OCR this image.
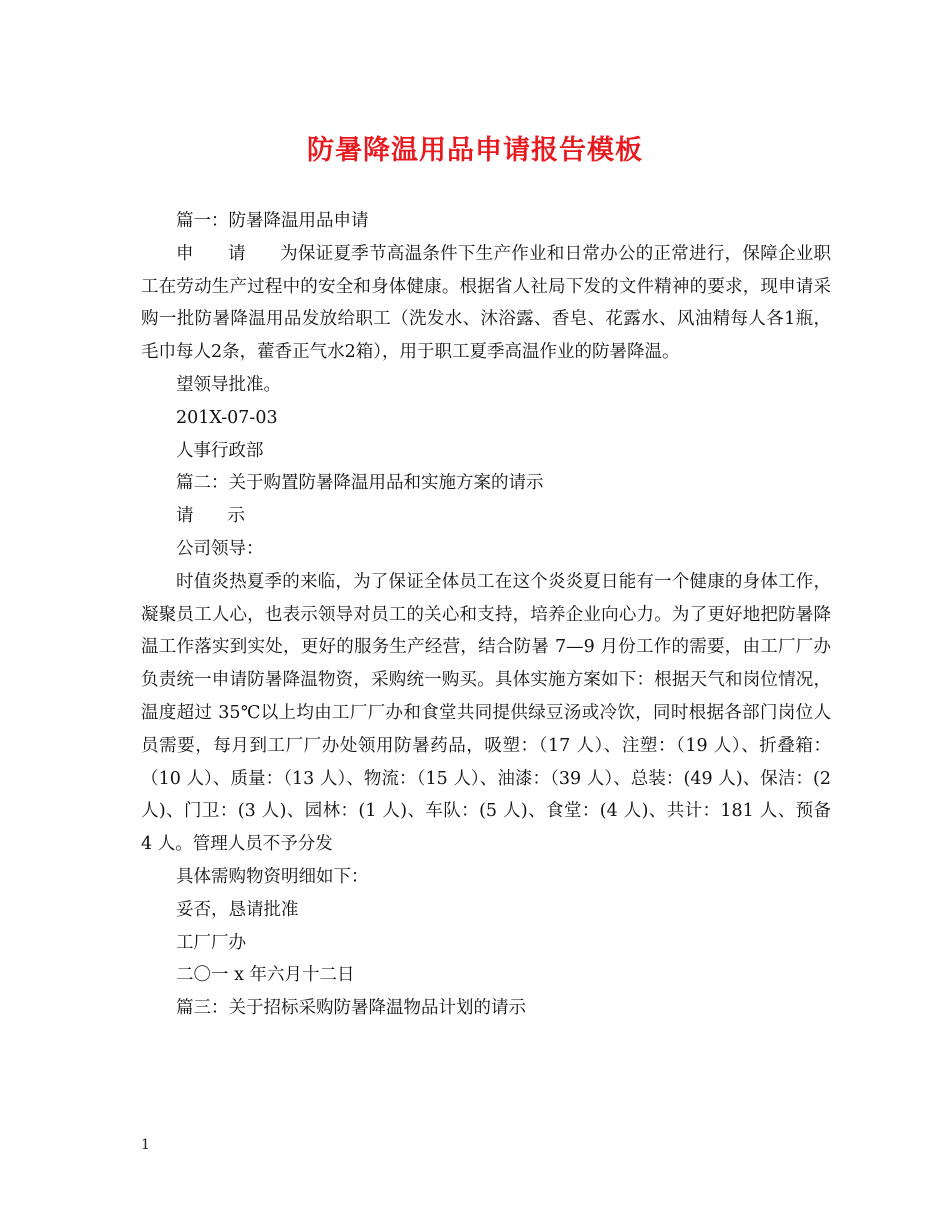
防暑降温用品申请报告模板

篇一：防暑降温用品申请

申 请 为保证夏季节高温条件下生产作业和日常办公的正常进行，保障企业职工在劳动生产过程中的安全和身体健康。根据省人社局下发的文件精神的要求，现申请采购一批防暑降温用品发放给职工（洗发水、沐浴露、香皂、花露水、风油精每人各1瓶，毛巾每人2条，藿香正气水2箱），用于职工夏季高温作业的防暑降温。

望领导批准。

201X-07-03

人事行政部

篇二：关于购置防暑降温用品和实施方案的请示

请 示

公司领导：

时值炎热夏季的来临，为了保证全体员工在这个炎炎夏日能有一个健康的身体工作，凝聚员工人心，也表示领导对员工的关心和支持，培养企业向心力。为了更好地把防暑降温工作落实到实处，更好的服务生产经营，结合防暑 7—9 月份工作的需要，由工厂厂办负责统一申请防暑降温物资，采购统一购买。具体实施方案如下：根据天气和岗位情况，温度超过 35℃以上均由工厂厂办和食堂共同提供绿豆汤或冷饮，同时根据各部门岗位人员需要，每月到工厂厂办处领用防暑药品，吸塑：（17 人）、注塑：（19 人）、折叠箱：（10 人）、质量：（13 人）、物流：（15 人）、油漆：（39 人）、总装：(49 人)、保洁：(2 人)、门卫：(3 人)、园林：(1 人)、车队：(5 人)、食堂：(4 人)、共计：181 人、预备 4 人。管理人员不予分发

具体需购物资明细如下：

妥否，恳请批准

工厂厂办

二〇一 x 年六月十二日

篇三：关于招标采购防暑降温物品计划的请示

1
